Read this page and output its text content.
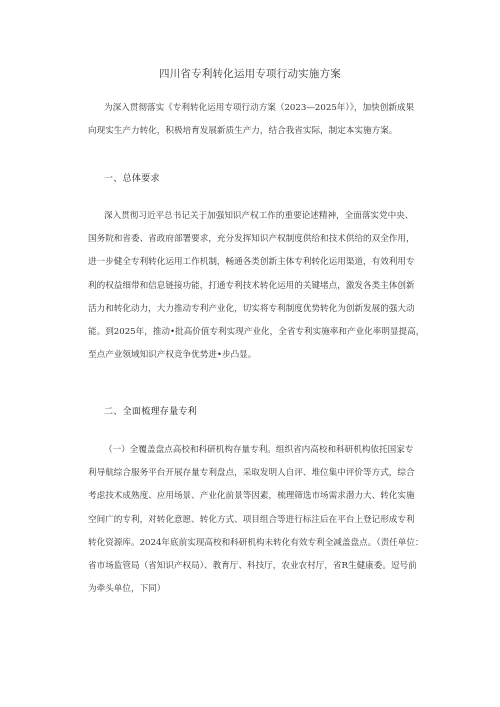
四川省专利转化运用专项行动实施方案
为深入贯彻落实《专利转化运用专项行动方案（2023—2025年）》，加快创新成果
向现实生产力转化，积极培育发展新质生产力，结合我省实际，制定本实施方案。
一、总体要求
深入贯彻习近平总书记关于加强知识产权工作的重要论述精神，全面落实党中央、
国务院和省委、省政府部署要求，充分发挥知识产权制度供给和技术供给的双全作用，
进一步健全专利转化运用工作机制，畅通各类创新主体专利转化运用渠道，有效利用专
利的权益细带和信息链接功能，打通专利技术转化运用的关键堵点，激发各类主体创新
活力和转化动力，大力推动专利产业化，切实将专利制度优势转化为创新发展的强大动
能。到2025年，推动•批高价值专利实现产业化，全省专利实施率和产业化率明显提高，
至点产业领域知识产权竞争优势进•步凸显。
二、全面梳理存量专利
（一）全覆盖盘点高校和科研机构存量专利。组织省内高校和科研机构依托国家专
利导航综合服务平台开展存量专利盘点，采取发明人自评、堆位集中评价等方式，综合
考虑技术成熟度、应用场景、产业化前景等因素，梳理筛选市场需求潜力大、转化实施
空间广的专利，对转化意愿、转化方式、项目组合等进行标注后在平台上登记形成专利
转化资源库。2024年底前实现高校和科研机构未转化有效专利全减盖盘点。（责任单位：
省市场监管局（省知识产权局）、教育厅、科技厅，农业农村厅，省R生健康委。逗号前
为牵头单位，下同）
